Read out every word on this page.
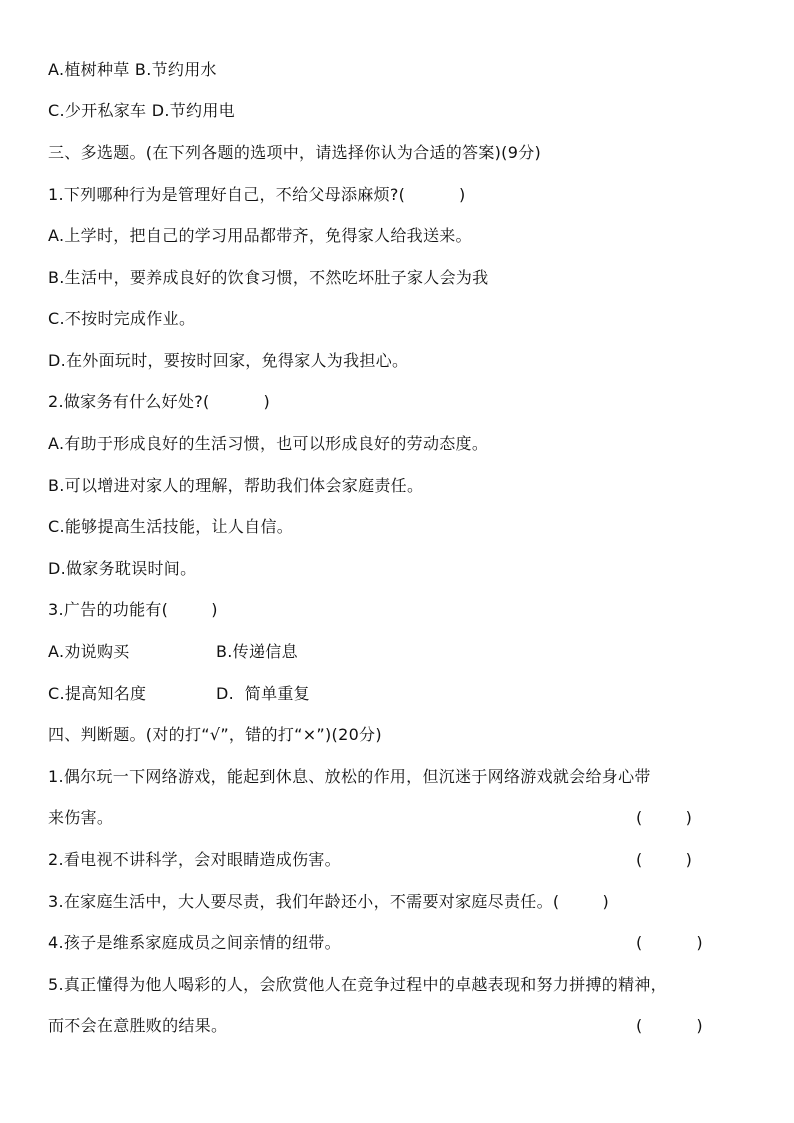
A.植树种草 B.节约用水
C.少开私家车 D.节约用电
三、多选题。(在下列各题的选项中，请选择你认为合适的答案)(9分)
1.下列哪种行为是管理好自己，不给父母添麻烦?(          )
A.上学时，把自己的学习用品都带齐，免得家人给我送来。
B.生活中，要养成良好的饮食习惯，不然吃坏肚子家人会为我
C.不按时完成作业。
D.在外面玩时，要按时回家，免得家人为我担心。
2.做家务有什么好处?(          )
A.有助于形成良好的生活习惯，也可以形成良好的劳动态度。
B.可以增进对家人的理解，帮助我们体会家庭责任。
C.能够提高生活技能，让人自信。
D.做家务耽误时间。
3.广告的功能有(        )
A.劝说购买	B.传递信息
C.提高知名度	D.  简单重复
四、判断题。(对的打“√”，错的打“×”)(20分)
1.偶尔玩一下网络游戏，能起到休息、放松的作用，但沉迷于网络游戏就会给身心带
来伤害。	(        )
2.看电视不讲科学，会对眼睛造成伤害。	(        )
3.在家庭生活中，大人要尽责，我们年龄还小，不需要对家庭尽责任。(        )
4.孩子是维系家庭成员之间亲情的纽带。	(          )
而不会在意胜败的结果。
5.真正懂得为他人喝彩的人，会欣赏他人在竞争过程中的卓越表现和努力拼搏的精神，
(          )
